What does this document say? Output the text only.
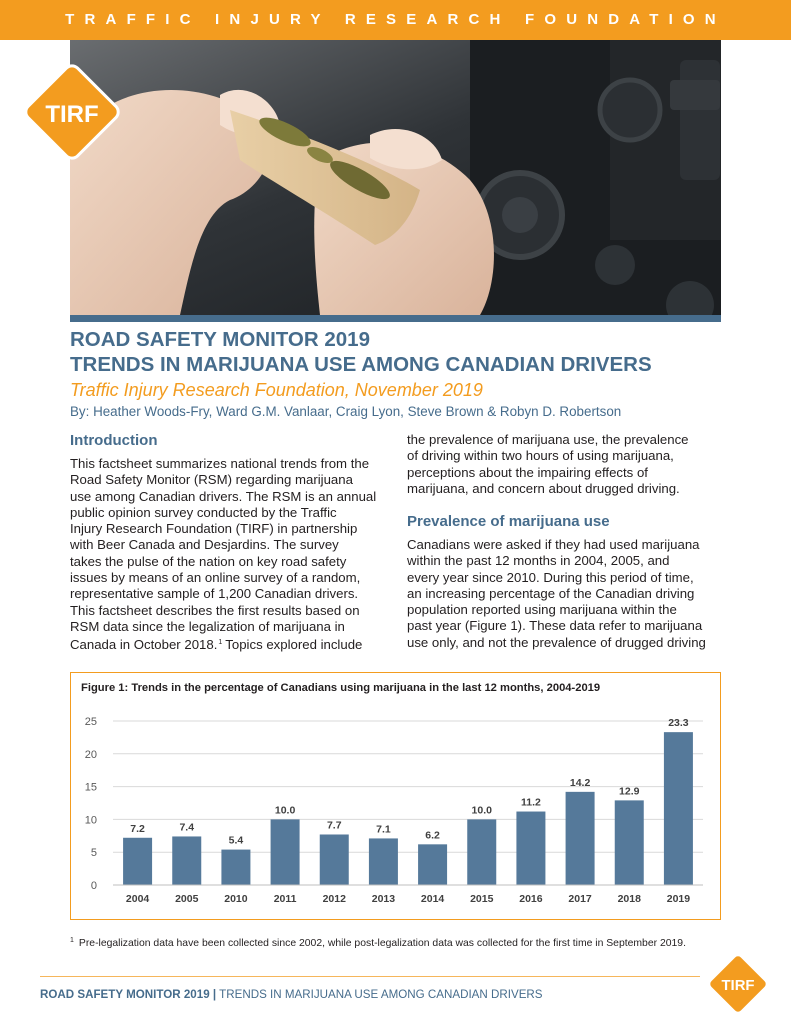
TRAFFIC INJURY RESEARCH FOUNDATION
TIRF
ROAD SAFETY MONITOR 2019
TRENDS IN MARIJUANA USE AMONG CANADIAN DRIVERS
Traffic Injury Research Foundation, November 2019
By: Heather Woods-Fry, Ward G.M. Vanlaar, Craig Lyon, Steve Brown & Robyn D. Robertson
Introduction
This factsheet summarizes national trends from the
Road Safety Monitor (RSM) regarding marijuana
use among Canadian drivers. The RSM is an annual
public opinion survey conducted by the Traffic
Injury Research Foundation (TIRF) in partnership
with Beer Canada and Desjardins. The survey
takes the pulse of the nation on key road safety
issues by means of an online survey of a random,
representative sample of 1,200 Canadian drivers.
This factsheet describes the first results based on
RSM data since the legalization of marijuana in
Canada in October 2018.$^1$ Topics explored include
the prevalence of marijuana use, the prevalence
of driving within two hours of using marijuana,
perceptions about the impairing effects of
marijuana, and concern about drugged driving.
Prevalence of marijuana use
Canadians were asked if they had used marijuana
within the past 12 months in 2004, 2005, and
every year since 2010. During this period of time,
an increasing percentage of the Canadian driving
population reported using marijuana within the
past year (Figure 1). These data refer to marijuana
use only, and not the prevalence of drugged driving
Figure 1: Trends in the percentage of Canadians using marijuana in the last 12 months, 2004-2019
0
5
10
15
20
25
7.2
2004
7.4
2005
5.4
2010
10.0
2011
7.7
2012
7.1
2013
6.2
2014
10.0
2015
11.2
2016
14.2
2017
12.9
2018
23.3
2019
$^1$ Pre-legalization data have been collected since 2002, while post-legalization data was collected for the first time in September 2019.
ROAD SAFETY MONITOR 2019 | TRENDS IN MARIJUANA USE AMONG CANADIAN DRIVERS
TIRF
